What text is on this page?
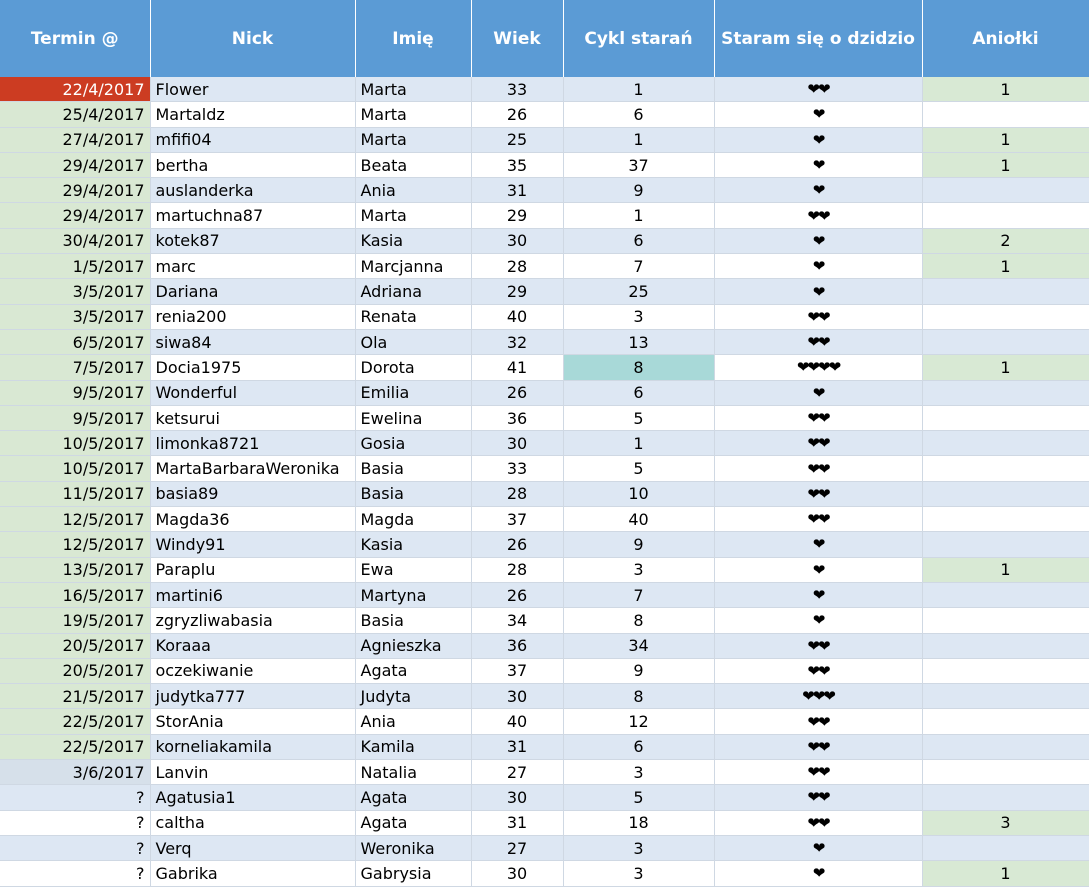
Termin @	Nick	Imię	Wiek	Cykl starań	Staram się o dzidzio	Aniołki
22/4/2017	Flower	Marta	33	1	❤❤	1
25/4/2017	Martaldz	Marta	26	6	❤	
27/4/2017	mfifi04	Marta	25	1	❤	1
29/4/2017	bertha	Beata	35	37	❤	1
29/4/2017	auslanderka	Ania	31	9	❤	
29/4/2017	martuchna87	Marta	29	1	❤❤	
30/4/2017	kotek87	Kasia	30	6	❤	2
1/5/2017	marc	Marcjanna	28	7	❤	1
3/5/2017	Dariana	Adriana	29	25	❤	
3/5/2017	renia200	Renata	40	3	❤❤	
6/5/2017	siwa84	Ola	32	13	❤❤	
7/5/2017	Docia1975	Dorota	41	8	❤❤❤❤	1
9/5/2017	Wonderful	Emilia	26	6	❤	
9/5/2017	ketsurui	Ewelina	36	5	❤❤	
10/5/2017	limonka8721	Gosia	30	1	❤❤	
10/5/2017	MartaBarbaraWeronika	Basia	33	5	❤❤	
11/5/2017	basia89	Basia	28	10	❤❤	
12/5/2017	Magda36	Magda	37	40	❤❤	
12/5/2017	Windy91	Kasia	26	9	❤	
13/5/2017	Paraplu	Ewa	28	3	❤	1
16/5/2017	martini6	Martyna	26	7	❤	
19/5/2017	zgryzliwabasia	Basia	34	8	❤	
20/5/2017	Koraaa	Agnieszka	36	34	❤❤	
20/5/2017	oczekiwanie	Agata	37	9	❤❤	
21/5/2017	judytka777	Judyta	30	8	❤❤❤	
22/5/2017	StorAnia	Ania	40	12	❤❤	
22/5/2017	korneliakamila	Kamila	31	6	❤❤	
3/6/2017	Lanvin	Natalia	27	3	❤❤	
?	Agatusia1	Agata	30	5	❤❤	
?	caltha	Agata	31	18	❤❤	3
?	Verq	Weronika	27	3	❤	
?	Gabrika	Gabrysia	30	3	❤	1
